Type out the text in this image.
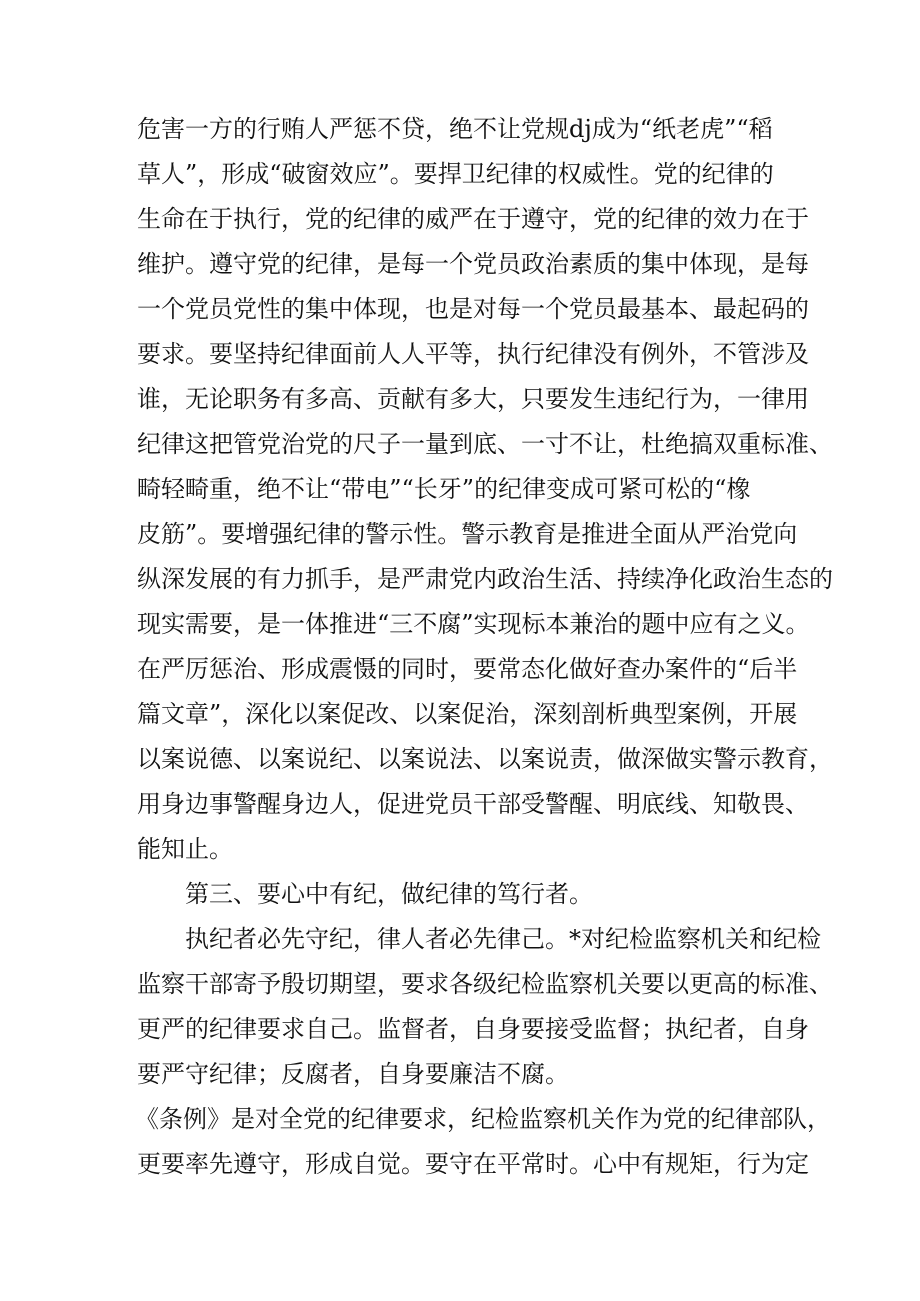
危害一方的行贿人严惩不贷，绝不让党规dj成为“纸老虎”“稻
草人”，形成“破窗效应”。要捍卫纪律的权威性。党的纪律的
生命在于执行，党的纪律的威严在于遵守，党的纪律的效力在于
维护。遵守党的纪律，是每一个党员政治素质的集中体现，是每
一个党员党性的集中体现，也是对每一个党员最基本、最起码的
要求。要坚持纪律面前人人平等，执行纪律没有例外，不管涉及
谁，无论职务有多高、贡献有多大，只要发生违纪行为，一律用
纪律这把管党治党的尺子一量到底、一寸不让，杜绝搞双重标准、
畸轻畸重，绝不让“带电”“长牙”的纪律变成可紧可松的“橡
皮筋”。要增强纪律的警示性。警示教育是推进全面从严治党向
纵深发展的有力抓手，是严肃党内政治生活、持续净化政治生态的
现实需要，是一体推进“三不腐”实现标本兼治的题中应有之义。
在严厉惩治、形成震慑的同时，要常态化做好查办案件的“后半
篇文章”，深化以案促改、以案促治，深刻剖析典型案例，开展
以案说德、以案说纪、以案说法、以案说责，做深做实警示教育，
用身边事警醒身边人，促进党员干部受警醒、明底线、知敬畏、
能知止。
第三、要心中有纪，做纪律的笃行者。
执纪者必先守纪，律人者必先律己。*对纪检监察机关和纪检
监察干部寄予殷切期望，要求各级纪检监察机关要以更高的标准、
更严的纪律要求自己。监督者，自身要接受监督；执纪者，自身
要严守纪律；反腐者，自身要廉洁不腐。
《条例》是对全党的纪律要求，纪检监察机关作为党的纪律部队，
更要率先遵守，形成自觉。要守在平常时。心中有规矩，行为定
